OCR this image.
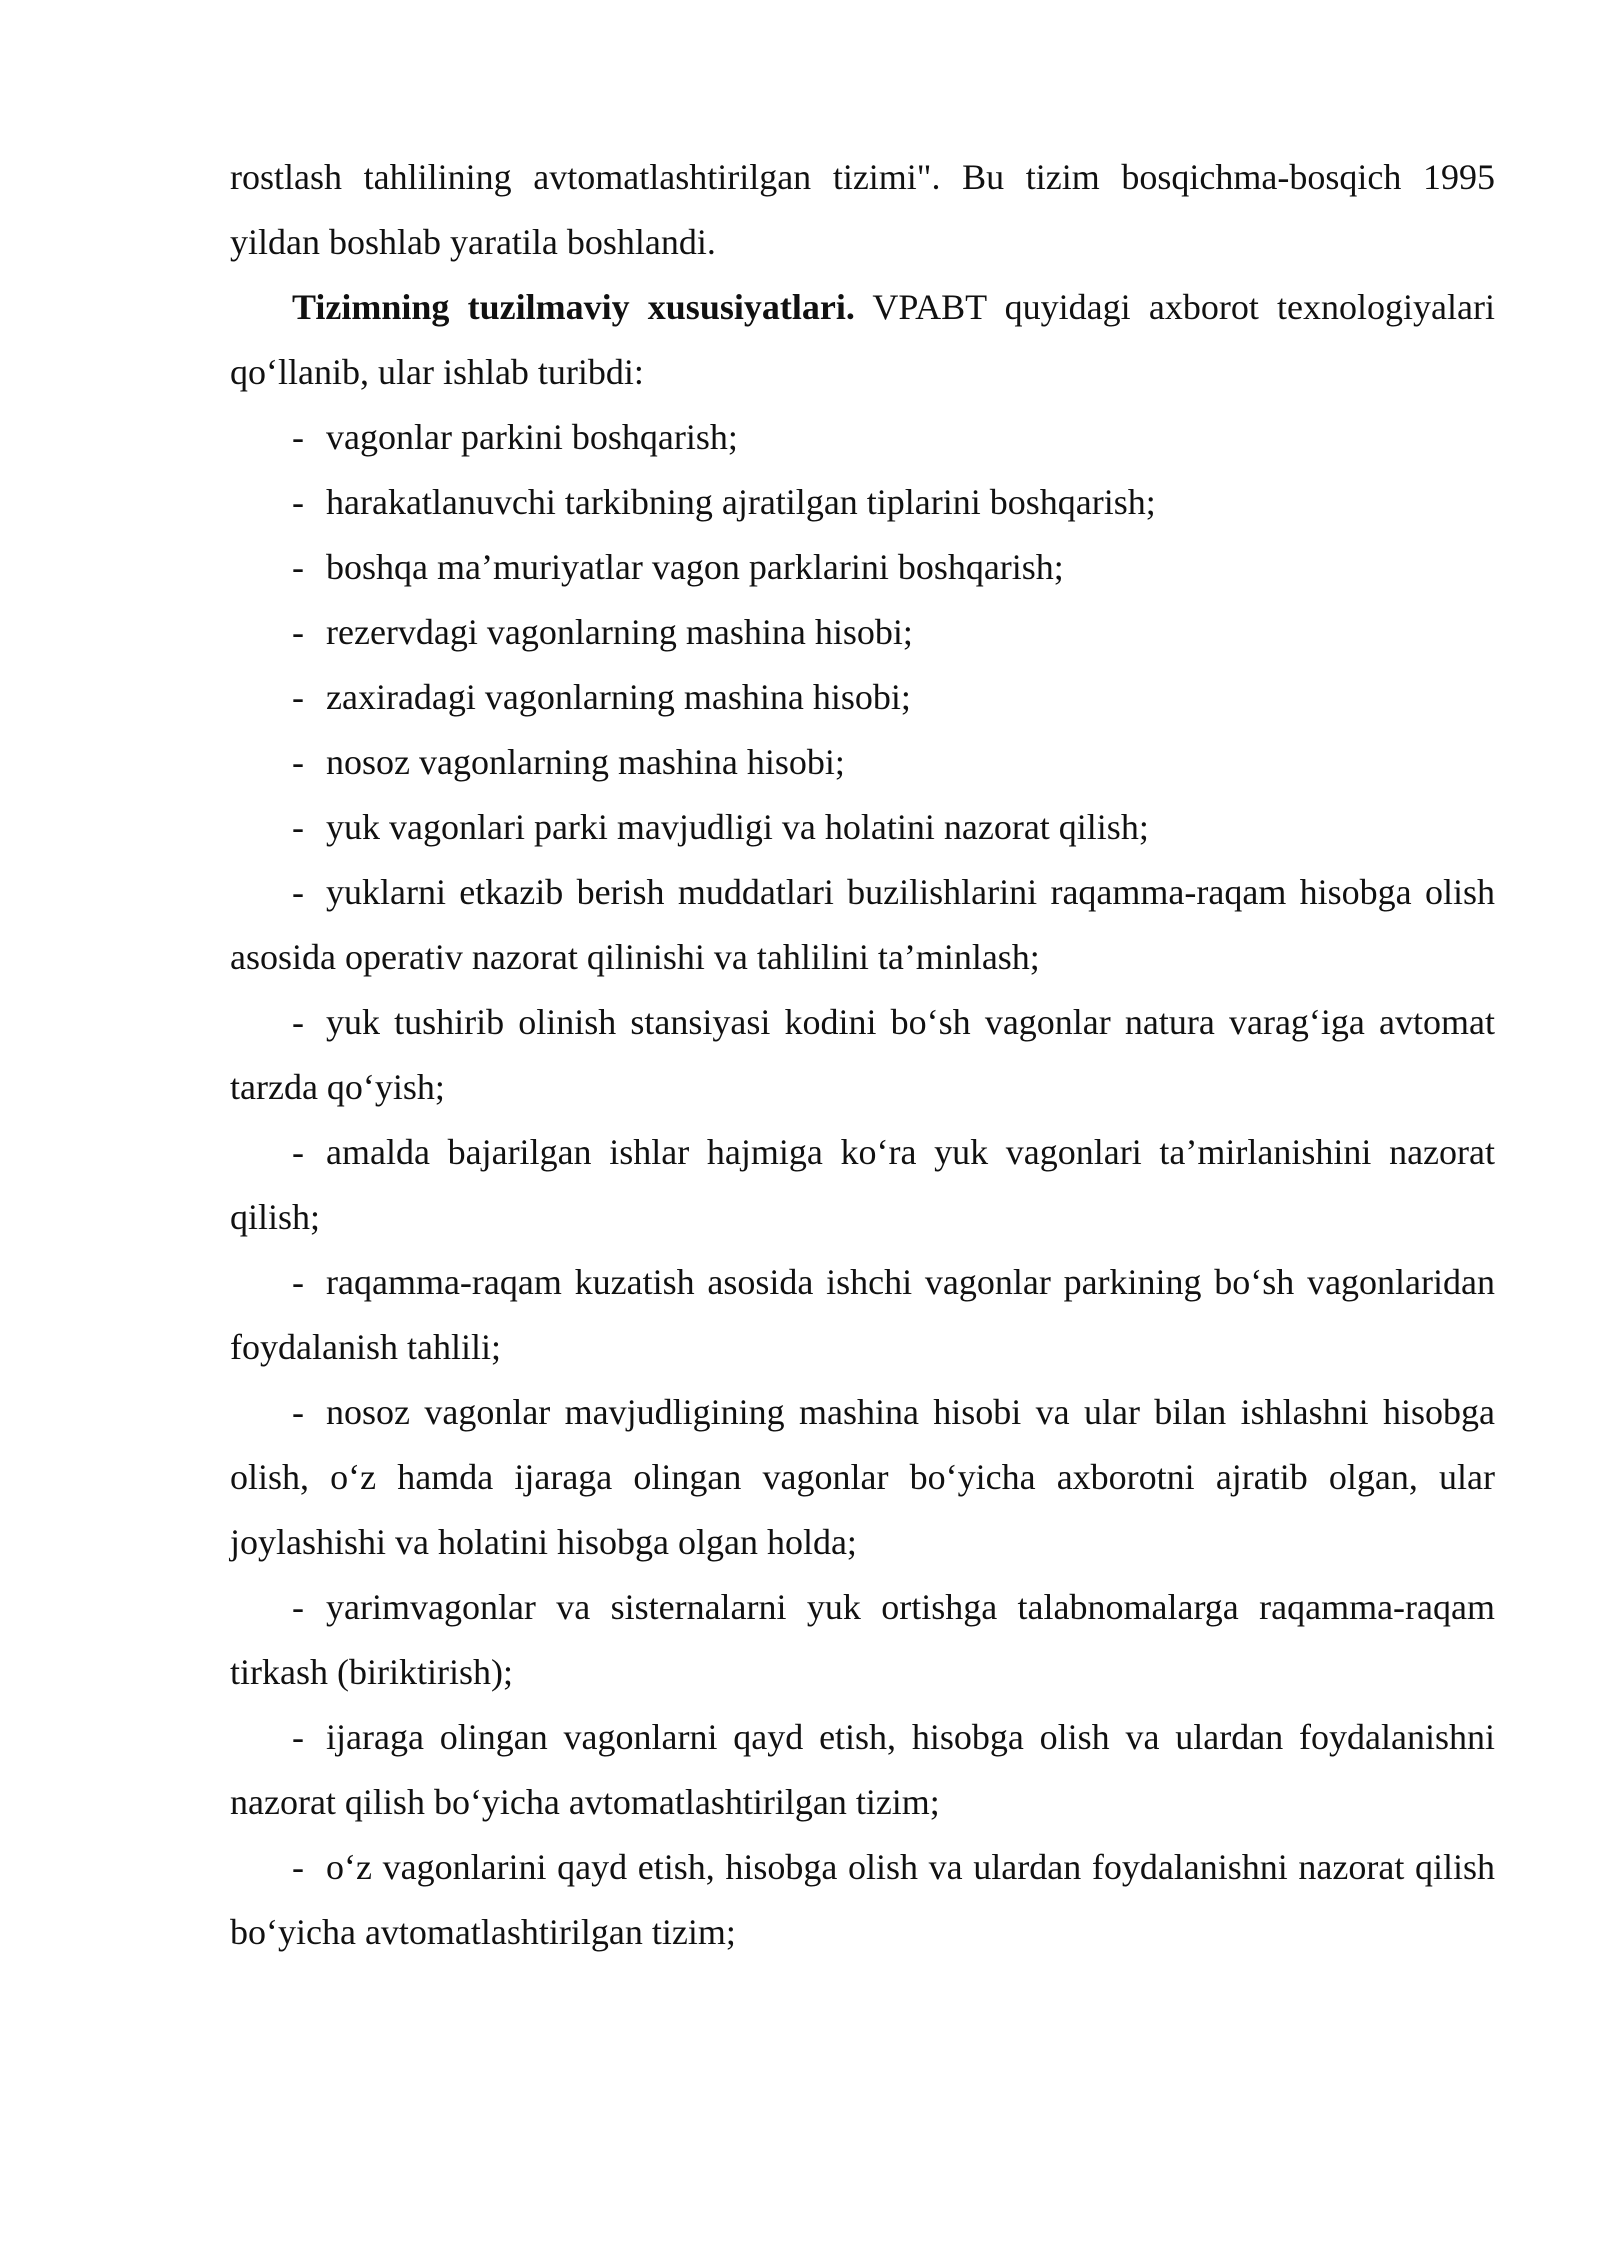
rostlash tahlilining avtomatlashtirilgan tizimi". Bu tizim bosqichma-bosqich 1995 yildan boshlab yaratila boshlandi.

Tizimning tuzilmaviy xususiyatlari. VPABT quyidagi axborot texnologiyalari qo‘llanib, ular ishlab turibdi:

- vagonlar parkini boshqarish;

- harakatlanuvchi tarkibning ajratilgan tiplarini boshqarish;

- boshqa ma’muriyatlar vagon parklarini boshqarish;

- rezervdagi vagonlarning mashina hisobi;

- zaxiradagi vagonlarning mashina hisobi;

- nosoz vagonlarning mashina hisobi;

- yuk vagonlari parki mavjudligi va holatini nazorat qilish;

- yuklarni etkazib berish muddatlari buzilishlarini raqamma-raqam hisobga olish asosida operativ nazorat qilinishi va tahlilini ta’minlash;

- yuk tushirib olinish stansiyasi kodini bo‘sh vagonlar natura varag‘iga avtomat tarzda qo‘yish;

- amalda bajarilgan ishlar hajmiga ko‘ra yuk vagonlari ta’mirlanishini nazorat qilish;

- raqamma-raqam kuzatish asosida ishchi vagonlar parkining bo‘sh vagonlaridan foydalanish tahlili;

- nosoz vagonlar mavjudligining mashina hisobi va ular bilan ishlashni hisobga olish, o‘z hamda ijaraga olingan vagonlar bo‘yicha axborotni ajratib olgan, ular joylashishi va holatini hisobga olgan holda;

- yarimvagonlar va sisternalarni yuk ortishga talabnomalarga raqamma-raqam tirkash (biriktirish);

- ijaraga olingan vagonlarni qayd etish, hisobga olish va ulardan foydalanishni nazorat qilish bo‘yicha avtomatlashtirilgan tizim;

- o‘z vagonlarini qayd etish, hisobga olish va ulardan foydalanishni nazorat qilish bo‘yicha avtomatlashtirilgan tizim;
